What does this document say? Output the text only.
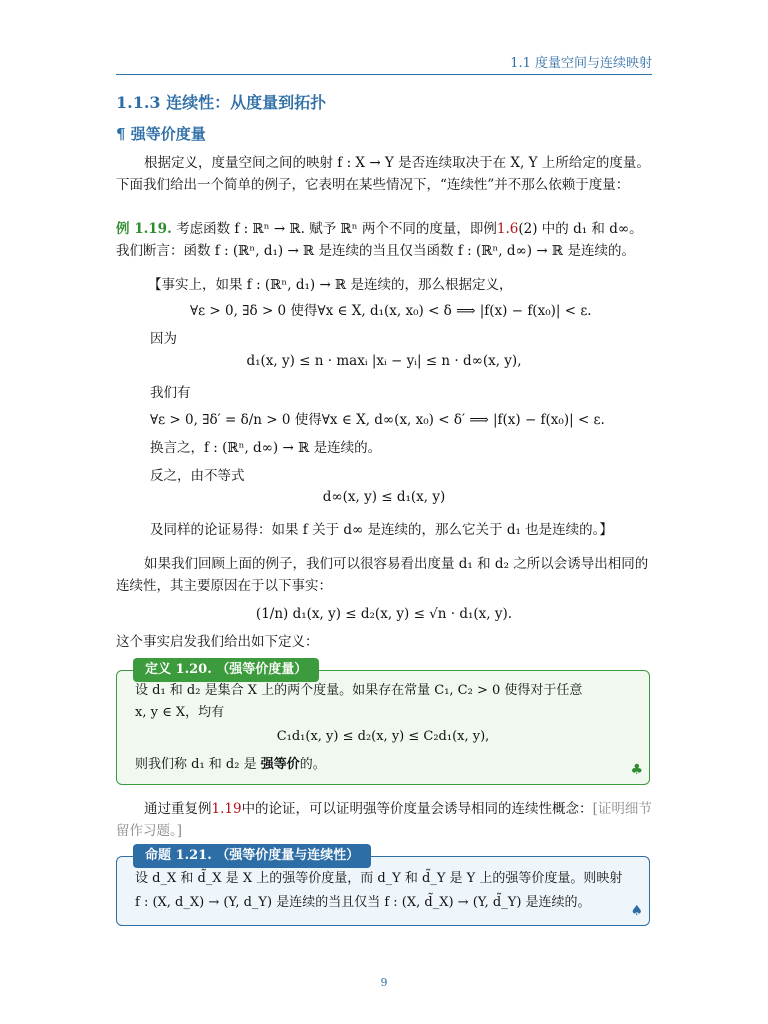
1.1 度量空间与连续映射
1.1.3 连续性：从度量到拓扑
¶ 强等价度量

根据定义，度量空间之间的映射 f : X → Y 是否连续取决于在 X, Y 上所给定的度量。下面我们给出一个简单的例子，它表明在某些情况下，“连续性”并不那么依赖于度量：

例 1.19. 考虑函数 f : ℝⁿ → ℝ. 赋予 ℝⁿ 两个不同的度量，即例1.6(2) 中的 d₁ 和 d∞。我们断言：函数 f : (ℝⁿ, d₁) → ℝ 是连续的当且仅当函数 f : (ℝⁿ, d∞) → ℝ 是连续的。

【事实上，如果 f : (ℝⁿ, d₁) → ℝ 是连续的，那么根据定义，
∀ε > 0, ∃δ > 0 使得∀x ∈ X, d₁(x, x₀) < δ ⟹ |f(x) − f(x₀)| < ε.
因为
d₁(x, y) ≤ n · maxᵢ |xᵢ − yᵢ| ≤ n · d∞(x, y),
我们有
∀ε > 0, ∃δ′ = δ/n > 0 使得∀x ∈ X, d∞(x, x₀) < δ′ ⟹ |f(x) − f(x₀)| < ε.
换言之，f : (ℝⁿ, d∞) → ℝ 是连续的。
反之，由不等式
d∞(x, y) ≤ d₁(x, y)
及同样的论证易得：如果 f 关于 d∞ 是连续的，那么它关于 d₁ 也是连续的。】

如果我们回顾上面的例子，我们可以很容易看出度量 d₁ 和 d₂ 之所以会诱导出相同的连续性，其主要原因在于以下事实：

(1/n) d₁(x, y) ≤ d₂(x, y) ≤ √n · d₁(x, y).
这个事实启发我们给出如下定义：
定义 1.20. （强等价度量）
设 d₁ 和 d₂ 是集合 X 上的两个度量。如果存在常量 C₁, C₂ > 0 使得对于任意
x, y ∈ X，均有
C₁d₁(x, y) ≤ d₂(x, y) ≤ C₂d₁(x, y),
则我们称 d₁ 和 d₂ 是 强等价的。	♣

通过重复例1.19中的论证，可以证明强等价度量会诱导相同的连续性概念：[证明细节留作习题。]

命题 1.21. （强等价度量与连续性）
设 d_X 和 d̃_X 是 X 上的强等价度量，而 d_Y 和 d̃_Y 是 Y 上的强等价度量。则映射
f : (X, d_X) → (Y, d_Y) 是连续的当且仅当 f : (X, d̃_X) → (Y, d̃_Y) 是连续的。
♠
9
